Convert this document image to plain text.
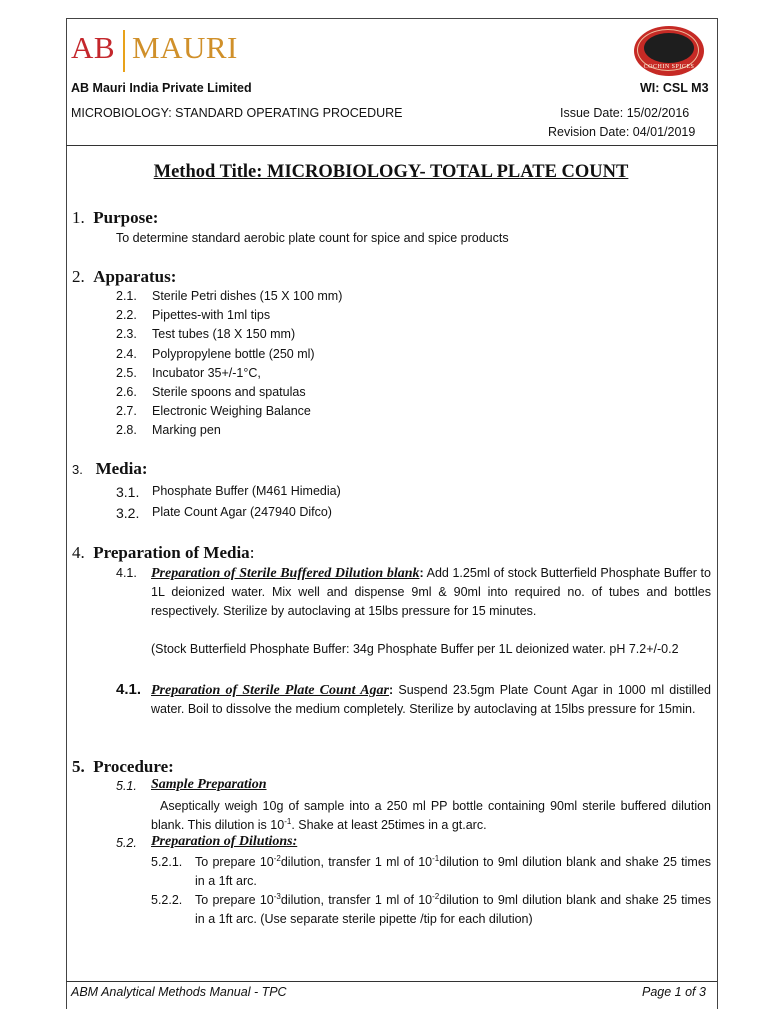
AB MAURI
COCHIN SPICES
AB Mauri India Private Limited	WI: CSL M3
MICROBIOLOGY: STANDARD OPERATING PROCEDURE	Issue Date: 15/02/2016
Revision Date: 04/01/2019
Method Title: MICROBIOLOGY- TOTAL PLATE COUNT
1. Purpose:
To determine standard aerobic plate count for spice and spice products
2. Apparatus:
2.1. Sterile Petri dishes (15 X 100 mm)
2.2. Pipettes-with 1ml tips
2.3. Test tubes (18 X 150 mm)
2.4. Polypropylene bottle (250 ml)
2.5. Incubator 35+/-1°C,
2.6. Sterile spoons and spatulas
2.7. Electronic Weighing Balance
2.8. Marking pen
3. Media:
3.1. Phosphate Buffer (M461 Himedia)
3.2. Plate Count Agar (247940 Difco)
4. Preparation of Media:
4.1. Preparation of Sterile Buffered Dilution blank: Add 1.25ml of stock Butterfield Phosphate Buffer to 1L deionized water. Mix well and dispense 9ml & 90ml into required no. of tubes and bottles respectively. Sterilize by autoclaving at 15lbs pressure for 15 minutes.
(Stock Butterfield Phosphate Buffer: 34g Phosphate Buffer per 1L deionized water. pH 7.2+/-0.2
4.1. Preparation of Sterile Plate Count Agar: Suspend 23.5gm Plate Count Agar in 1000 ml distilled water. Boil to dissolve the medium completely. Sterilize by autoclaving at 15lbs pressure for 15min.
5. Procedure:
5.1. Sample Preparation
Aseptically weigh 10g of sample into a 250 ml PP bottle containing 90ml sterile buffered dilution blank. This dilution is $10^{-1}$. Shake at least 25times in a gt.arc.
5.2. Preparation of Dilutions:
5.2.1. To prepare $10^{-2}dilution$, transfer 1 ml of $10^{-1}dilution$ to 9ml dilution blank and shake 25 times in a 1ft arc.
5.2.2. To prepare $10^{-3}dilution$, transfer 1 ml of $10^{-2}dilution$ to 9ml dilution blank and shake 25 times in a 1ft arc. (Use separate sterile pipette /tip for each dilution)
ABM Analytical Methods Manual - TPC	Page 1 of 3
